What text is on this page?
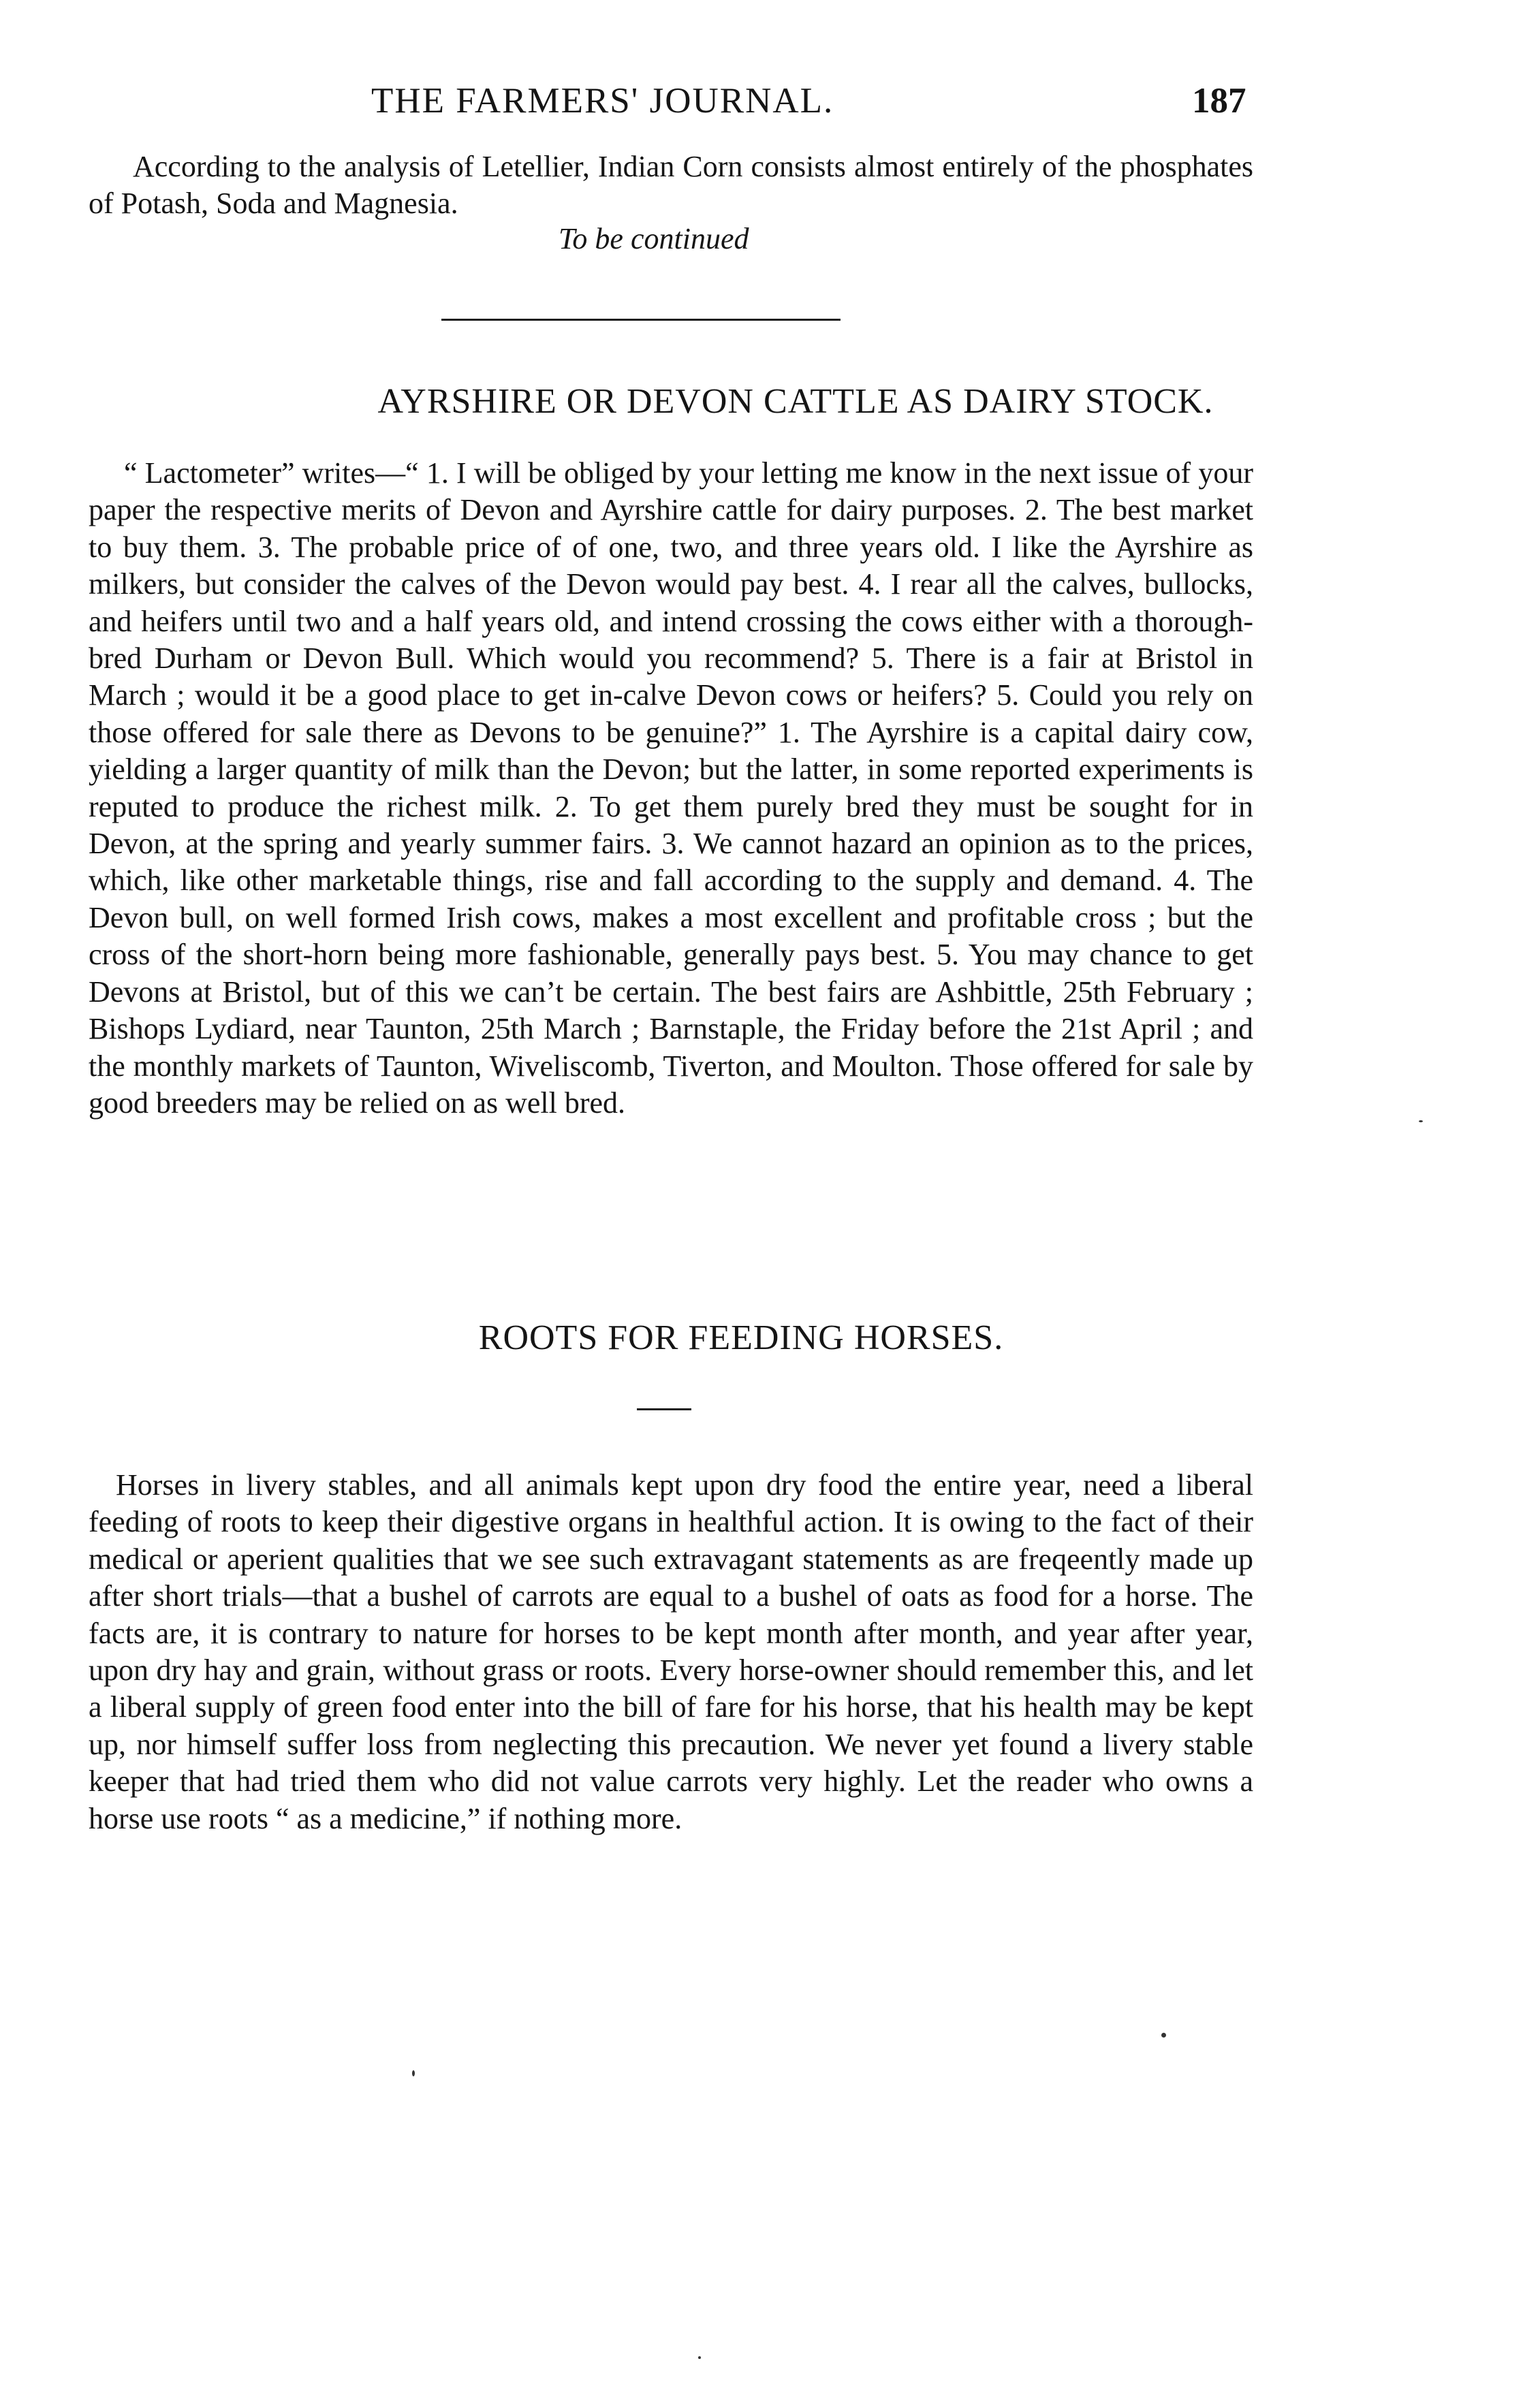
THE FARMERS' JOURNAL.	187

According to the analysis of Letellier, Indian Corn consists almost entirely of the phosphates of Potash, Soda and Magnesia.

To be continued
AYRSHIRE OR DEVON CATTLE AS DAIRY STOCK.

“ Lactometer” writes—“ 1. I will be obliged by your letting me know in the next issue of your paper the respective merits of Devon and Ayrshire cattle for dairy purposes. 2. The best market to buy them. 3. The probable price of of one, two, and three years old. I like the Ayrshire as milkers, but consider the calves of the Devon would pay best. 4. I rear all the calves, bullocks, and heifers until two and a half years old, and intend crossing the cows either with a thorough-bred Durham or Devon Bull. Which would you recommend? 5. There is a fair at Bristol in March ; would it be a good place to get in-calve Devon cows or heifers? 5. Could you rely on those offered for sale there as Devons to be genuine?” 1. The Ayrshire is a capital dairy cow, yielding a larger quantity of milk than the Devon; but the latter, in some reported experiments is reputed to produce the richest milk. 2. To get them purely bred they must be sought for in Devon, at the spring and yearly summer fairs. 3. We cannot hazard an opinion as to the prices, which, like other marketable things, rise and fall according to the supply and demand. 4. The Devon bull, on well formed Irish cows, makes a most excellent and profitable cross ; but the cross of the short-horn being more fashionable, generally pays best. 5. You may chance to get Devons at Bristol, but of this we can’t be certain. The best fairs are Ashbittle, 25th February ; Bishops Lydiard, near Taunton, 25th March ; Barnstaple, the Friday before the 21st April ; and the monthly markets of Taunton, Wiveliscomb, Tiverton, and Moulton. Those offered for sale by good breeders may be relied on as well bred.

ROOTS FOR FEEDING HORSES.

Horses in livery stables, and all animals kept upon dry food the entire year, need a liberal feeding of roots to keep their digestive organs in healthful action. It is owing to the fact of their medical or aperient qualities that we see such extravagant statements as are freqeently made up after short trials—that a bushel of carrots are equal to a bushel of oats as food for a horse. The facts are, it is contrary to nature for horses to be kept month after month, and year after year, upon dry hay and grain, without grass or roots. Every horse-owner should remember this, and let a liberal supply of green food enter into the bill of fare for his horse, that his health may be kept up, nor himself suffer loss from neglecting this precaution. We never yet found a livery stable keeper that had tried them who did not value carrots very highly. Let the reader who owns a horse use roots “ as a medicine,” if nothing more.
